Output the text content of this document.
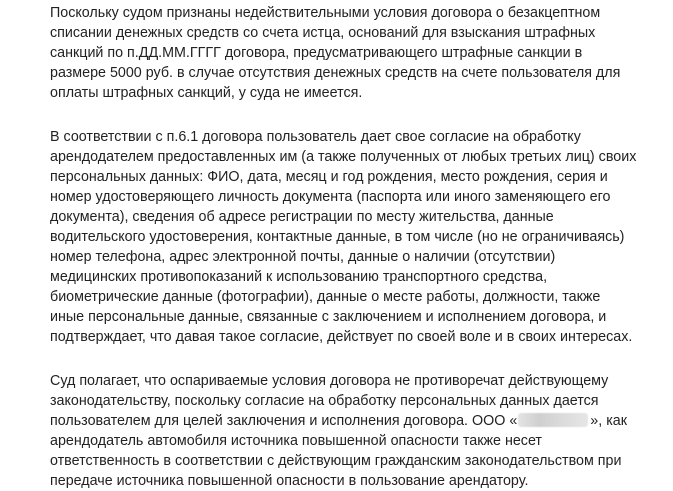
Поскольку судом признаны недействительными условия договора о безакцептном
списании денежных средств со счета истца, оснований для взыскания штрафных
санкций по п.ДД.ММ.ГГГГ договора, предусматривающего штрафные санкции в
размере 5000 руб. в случае отсутствия денежных средств на счете пользователя для
оплаты штрафных санкций, у суда не имеется.

В соответствии с п.6.1 договора пользователь дает свое согласие на обработку
арендодателем предоставленных им (а также полученных от любых третьих лиц) своих
персональных данных: ФИО, дата, месяц и год рождения, место рождения, серия и
номер удостоверяющего личность документа (паспорта или иного заменяющего его
документа), сведения об адресе регистрации по месту жительства, данные
водительского удостоверения, контактные данные, в том числе (но не ограничиваясь)
номер телефона, адрес электронной почты, данные о наличии (отсутствии)
медицинских противопоказаний к использованию транспортного средства,
биометрические данные (фотографии), данные о месте работы, должности, также
иные персональные данные, связанные с заключением и исполнением договора, и
подтверждает, что давая такое согласие, действует по своей воле и в своих интересах.

Суд полагает, что оспариваемые условия договора не противоречат действующему
законодательству, поскольку согласие на обработку персональных данных дается
пользователем для целей заключения и исполнения договора. ООО «	», как
арендодатель автомобиля источника повышенной опасности также несет
ответственность в соответствии с действующим гражданским законодательством при
передаче источника повышенной опасности в пользование арендатору.
